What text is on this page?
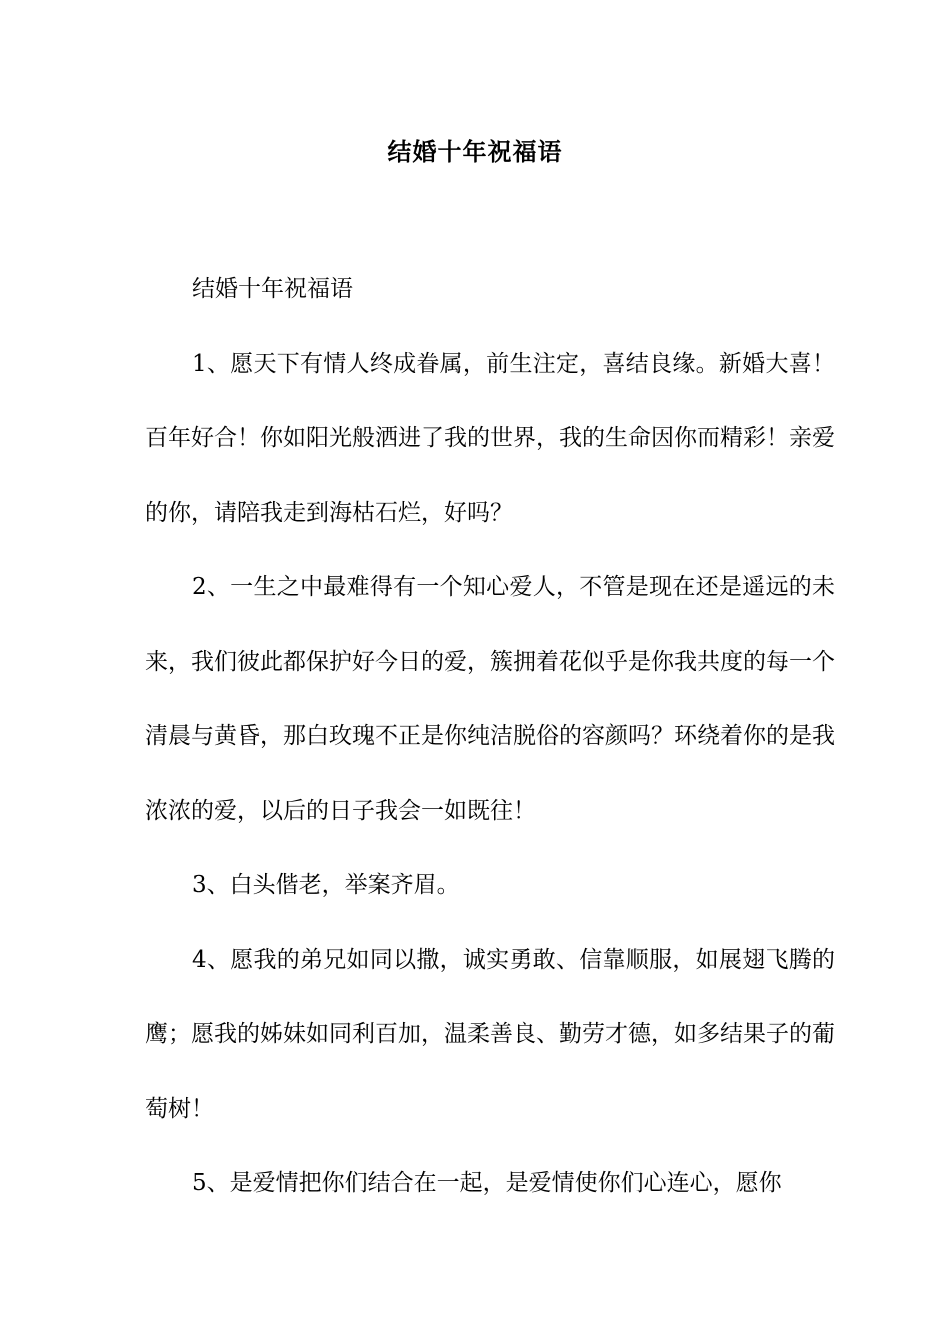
结婚十年祝福语

结婚十年祝福语

1、愿天下有情人终成眷属，前生注定，喜结良缘。新婚大喜！百年好合！你如阳光般洒进了我的世界，我的生命因你而精彩！亲爱的你，请陪我走到海枯石烂，好吗？

2、一生之中最难得有一个知心爱人，不管是现在还是遥远的未来，我们彼此都保护好今日的爱，簇拥着花似乎是你我共度的每一个清晨与黄昏，那白玫瑰不正是你纯洁脱俗的容颜吗？环绕着你的是我浓浓的爱，以后的日子我会一如既往！

3、白头偕老，举案齐眉。

4、愿我的弟兄如同以撒，诚实勇敢、信靠顺服，如展翅飞腾的鹰；愿我的姊妹如同利百加，温柔善良、勤劳才德，如多结果子的葡萄树！

5、是爱情把你们结合在一起，是爱情使你们心连心，愿你
